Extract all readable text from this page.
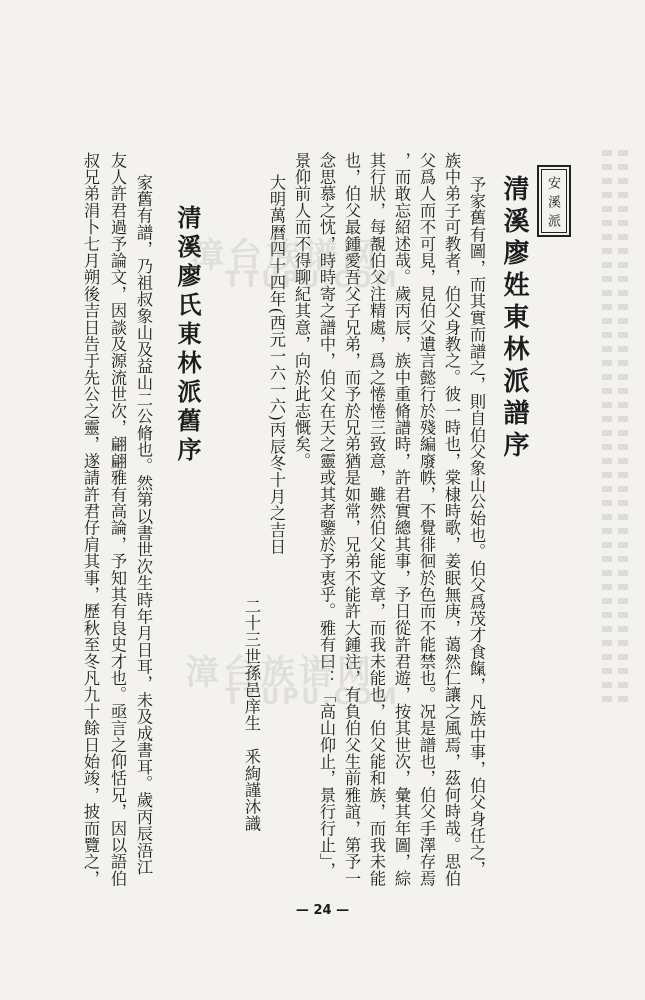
安溪派
清溪廖姓東林派譜序
予家舊有圖，而其實而譜之，則自伯父象山公始也。伯父爲茂才食餼，凡族中事，伯父身任之，
族中弟子可教者，伯父身教之。彼一時也，棠棣時歌，姜眠無庚，蔼然仁讓之風焉，茲何時哉。思伯
父爲人而不可見，見伯父遺言懿行於殘編廢帙，不覺徘徊於色而不能禁也。况是譜也，伯父手澤存焉
，而敢忘紹述哉。歲丙辰，族中重脩譜時，許君實總其事，予日從許君遊，按其世次，彙其年圖，綜
其行狀，每覩伯父注精處，爲之惓惓三致意，雖然伯父能文章，而我未能也，伯父能和族，而我未能
也，伯父最鍾愛吾父子兄弟，而予於兄弟猶是如常，兄弟不能許大鍾注，有負伯父生前雅誼，第予一
念思慕之忱，時時寄之譜中，伯父在天之靈或其者鑒於予衷乎。雅有曰：「高山仰止，景行行止」，
景仰前人而不得聊紀其意，向於此志慨矣。
大明萬曆四十四年(西元一六一六)丙辰冬十月之吉日
二十三世孫邑庠生　釆絢謹沐識
清溪廖氏東林派舊序
家舊有譜，乃祖叔象山及益山二公脩也。然第以書世次生時年月日耳，未及成書耳。歲丙辰浯江
友人許君過予論文，因談及源流世次，翩翩雅有高論，予知其有良史才也。亟言之仰恬兄，因以語伯
叔兄弟涓卜七月朔後吉日告于先公之靈，遂請許君仔肩其事，歷秋至冬凡九十餘日始竣，披而覽之，	漳台族谱网
TTUPU.COM
漳台族谱网
TTUPU.COM
— 24 —
